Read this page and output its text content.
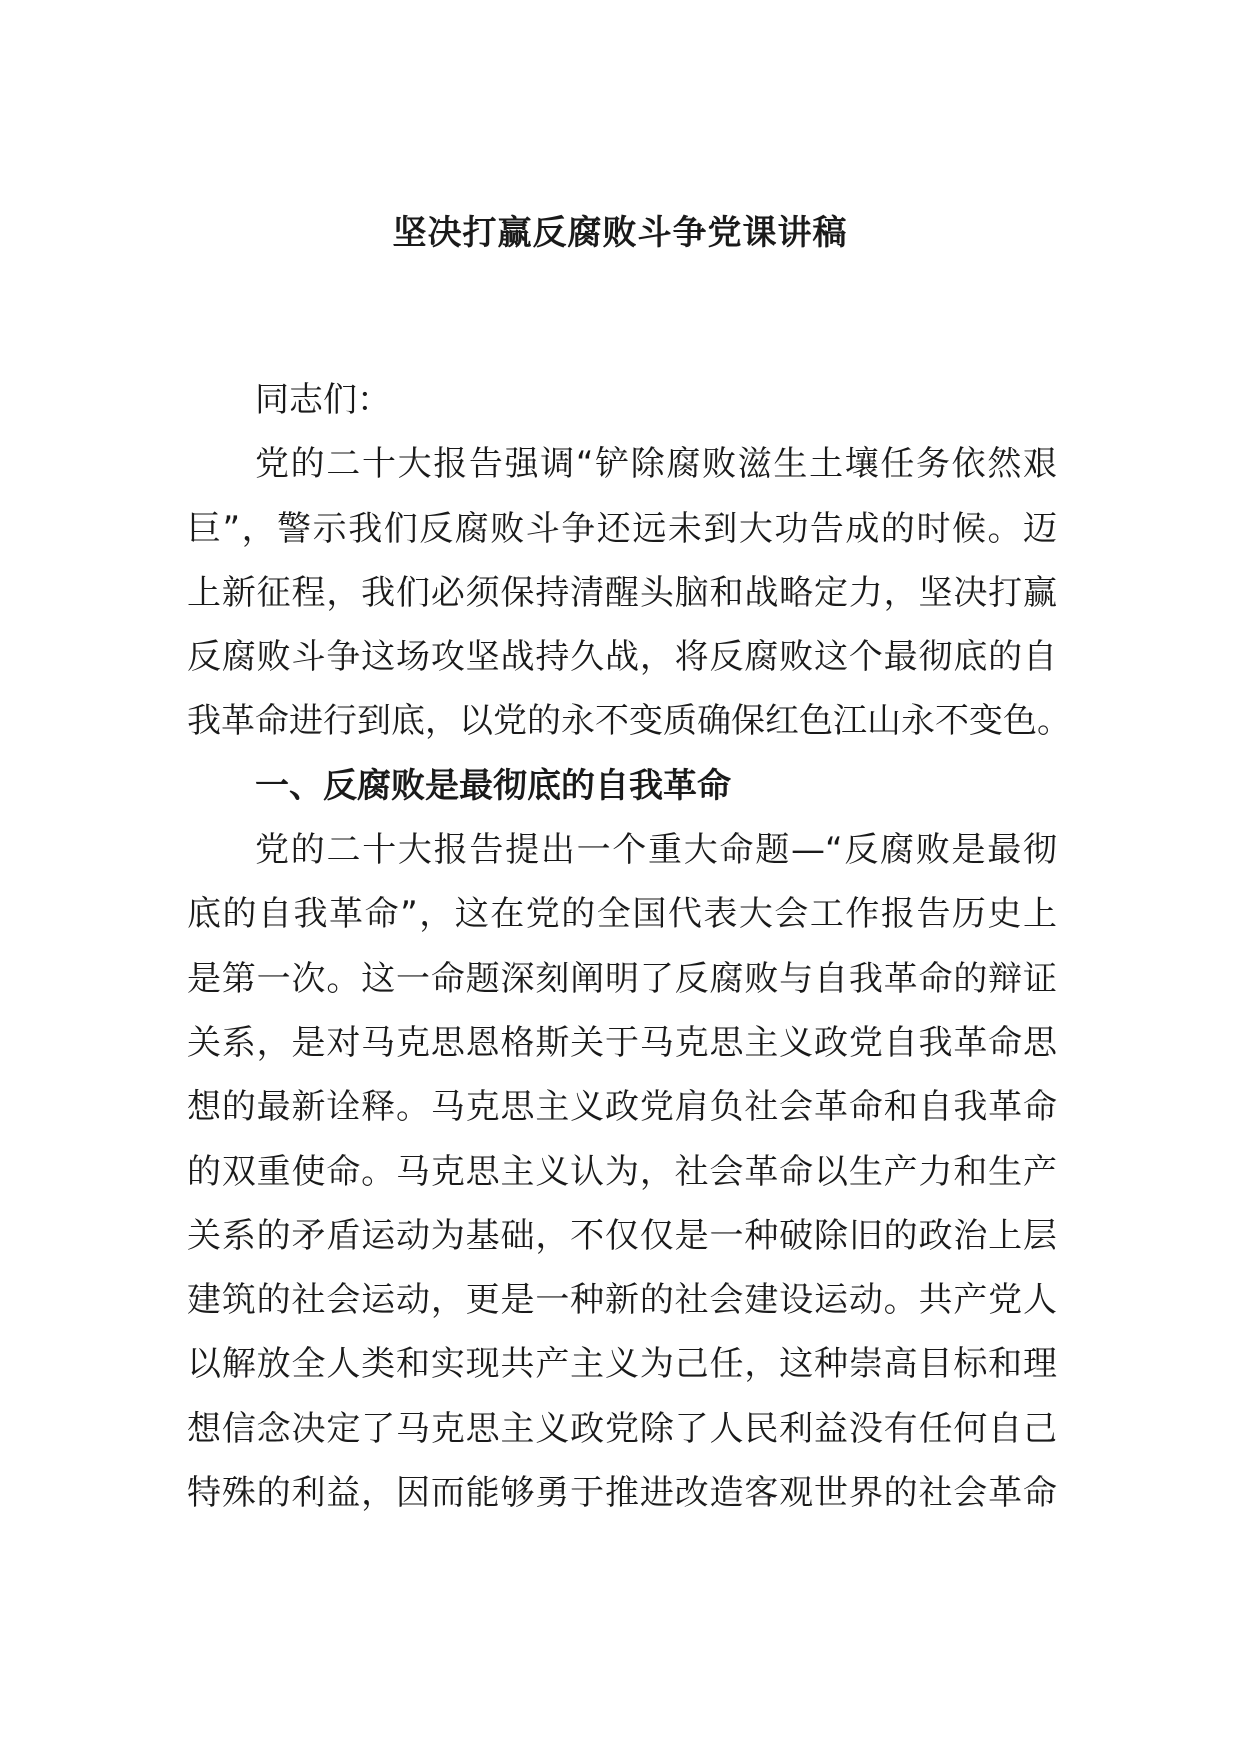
坚决打赢反腐败斗争党课讲稿
同志们：
党的二十大报告强调“铲除腐败滋生土壤任务依然艰
巨”，警示我们反腐败斗争还远未到大功告成的时候。迈
上新征程，我们必须保持清醒头脑和战略定力，坚决打赢
反腐败斗争这场攻坚战持久战，将反腐败这个最彻底的自
我革命进行到底，以党的永不变质确保红色江山永不变色。
一、反腐败是最彻底的自我革命
党的二十大报告提出一个重大命题—“反腐败是最彻
底的自我革命”，这在党的全国代表大会工作报告历史上
是第一次。这一命题深刻阐明了反腐败与自我革命的辩证
关系，是对马克思恩格斯关于马克思主义政党自我革命思
想的最新诠释。马克思主义政党肩负社会革命和自我革命
的双重使命。马克思主义认为，社会革命以生产力和生产
关系的矛盾运动为基础，不仅仅是一种破除旧的政治上层
建筑的社会运动，更是一种新的社会建设运动。共产党人
以解放全人类和实现共产主义为己任，这种崇高目标和理
想信念决定了马克思主义政党除了人民利益没有任何自己
特殊的利益，因而能够勇于推进改造客观世界的社会革命
